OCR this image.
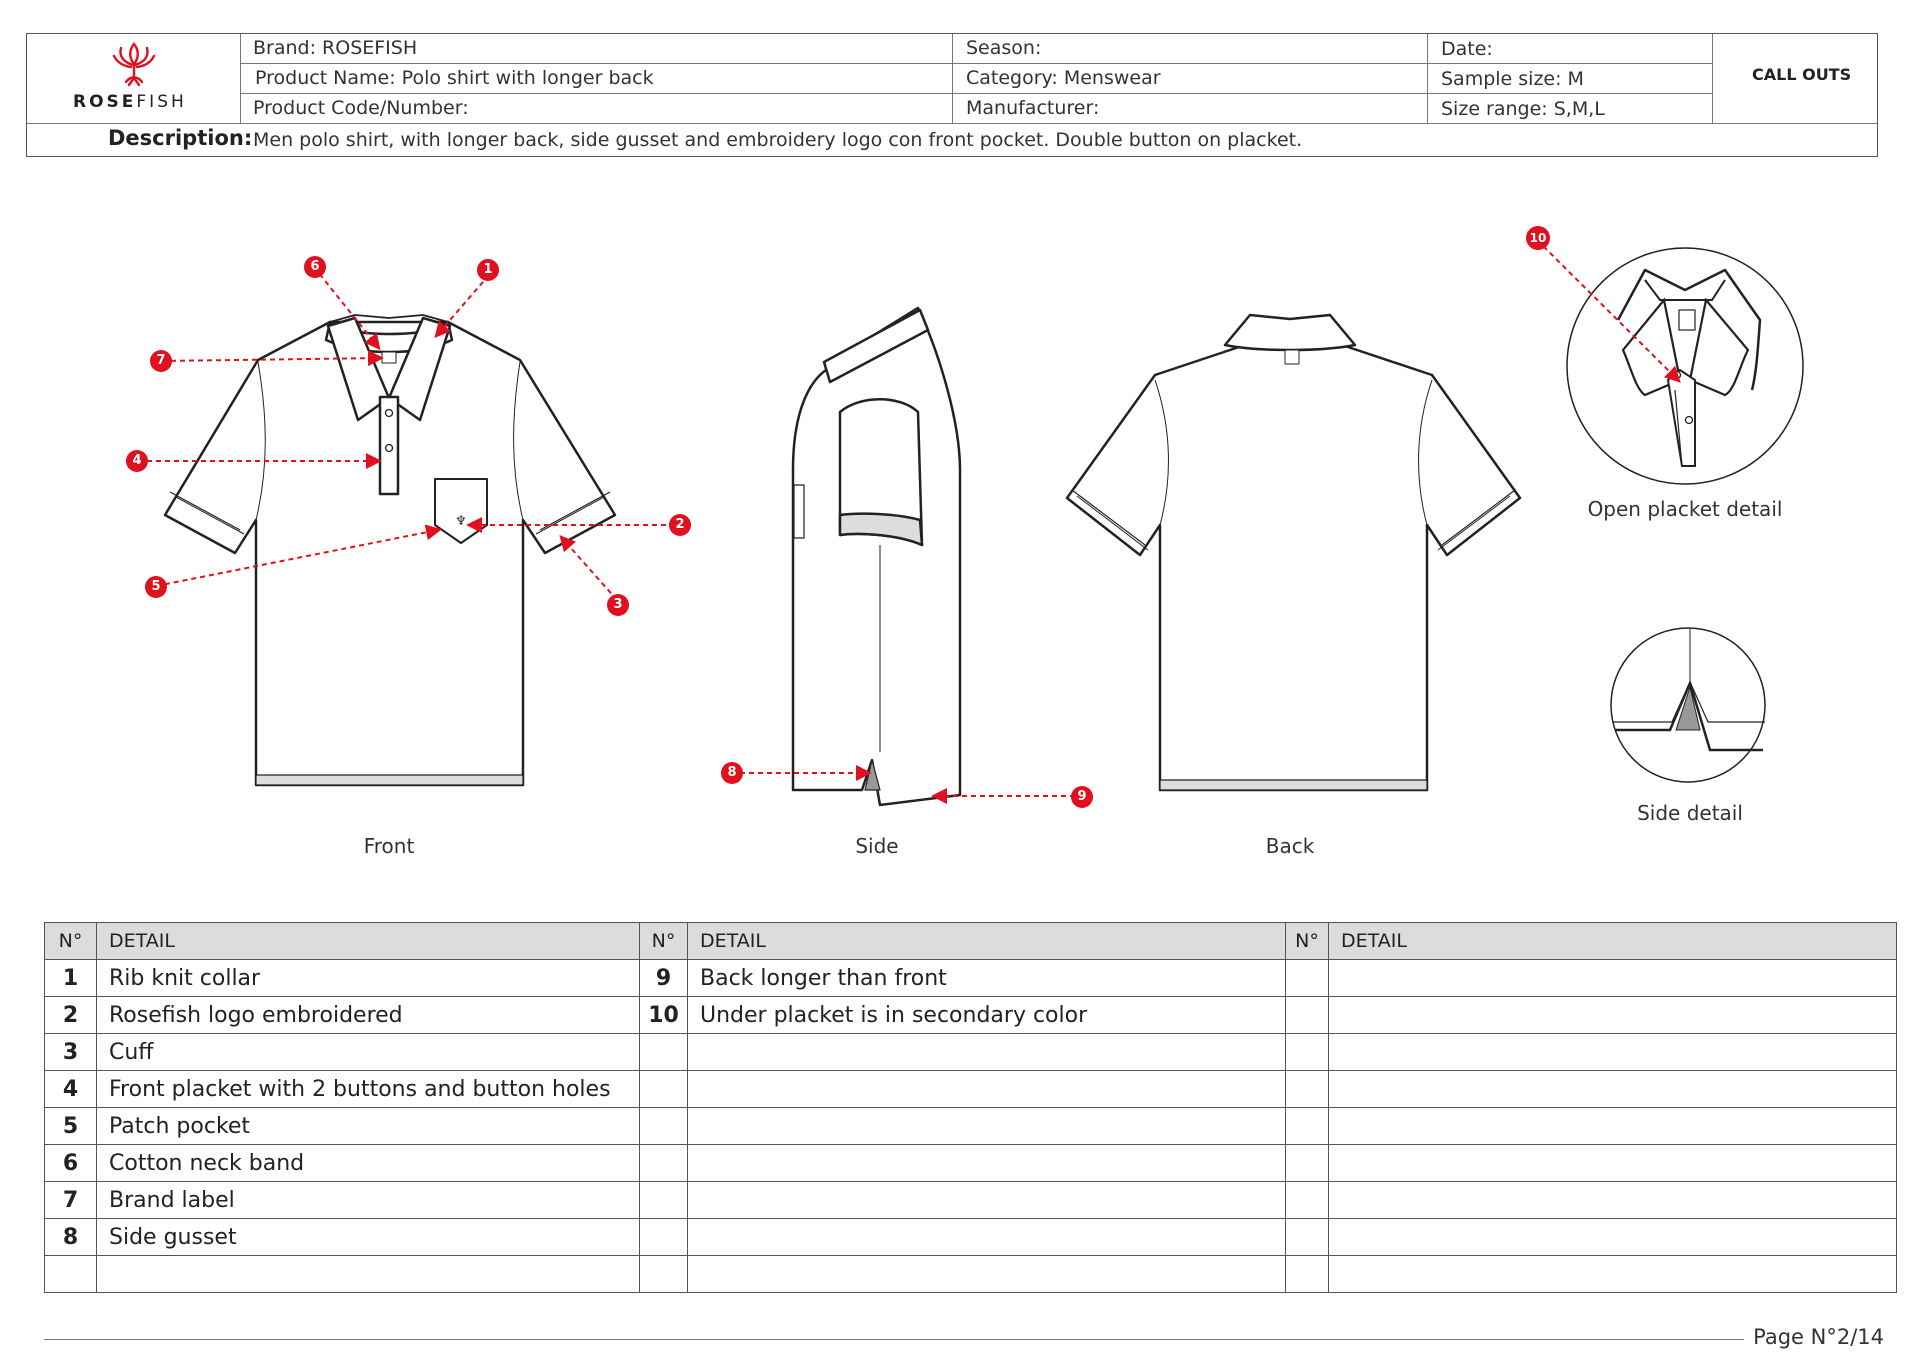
ROSEFISH
Brand: ROSEFISH
Product Name: Polo shirt with longer back
Product Code/Number:
Season:
Category: Menswear
Manufacturer:
Date:
Sample size: M
Size range: S,M,L
CALL OUTS
Description: Men polo shirt, with longer back, side gusset and embroidery logo con front pocket. Double button on placket.
♆
1
2
3
4
5
6
7
8
9
10
Front	Side	Back
Open placket detail
Side detail
N°	DETAIL	N°	DETAIL	N°	DETAIL
1	Rib knit collar	9	Back longer than front		
2	Rosefish logo embroidered	10	Under placket is in secondary color		
3	Cuff				
4	Front placket with 2 buttons and button holes				
5	Patch pocket				
6	Cotton neck band				
7	Brand label				
8	Side gusset				

Page N°2/14
